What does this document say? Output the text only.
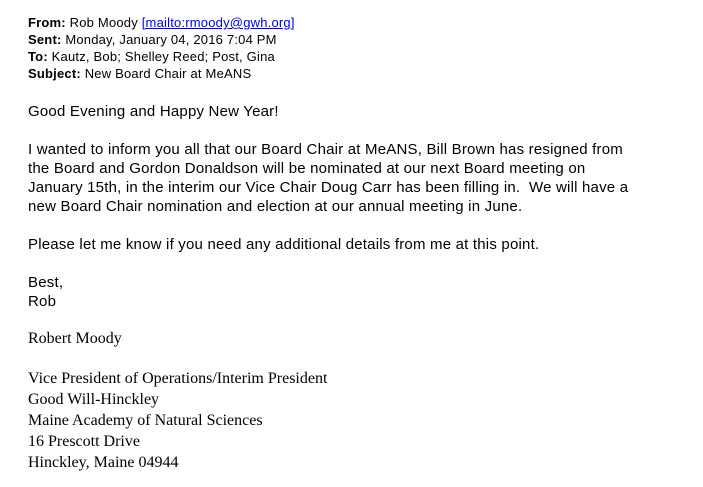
From: Rob Moody [mailto:rmoody@gwh.org]
Sent: Monday, January 04, 2016 7:04 PM
To: Kautz, Bob; Shelley Reed; Post, Gina
Subject: New Board Chair at MeANS
Good Evening and Happy New Year!
I wanted to inform you all that our Board Chair at MeANS, Bill Brown has resigned from
the Board and Gordon Donaldson will be nominated at our next Board meeting on
January 15th, in the interim our Vice Chair Doug Carr has been filling in.  We will have a
new Board Chair nomination and election at our annual meeting in June.
Please let me know if you need any additional details from me at this point.
Best,
Rob
Robert Moody
Vice President of Operations/Interim President
Good Will-Hinckley
Maine Academy of Natural Sciences
16 Prescott Drive
Hinckley, Maine 04944
